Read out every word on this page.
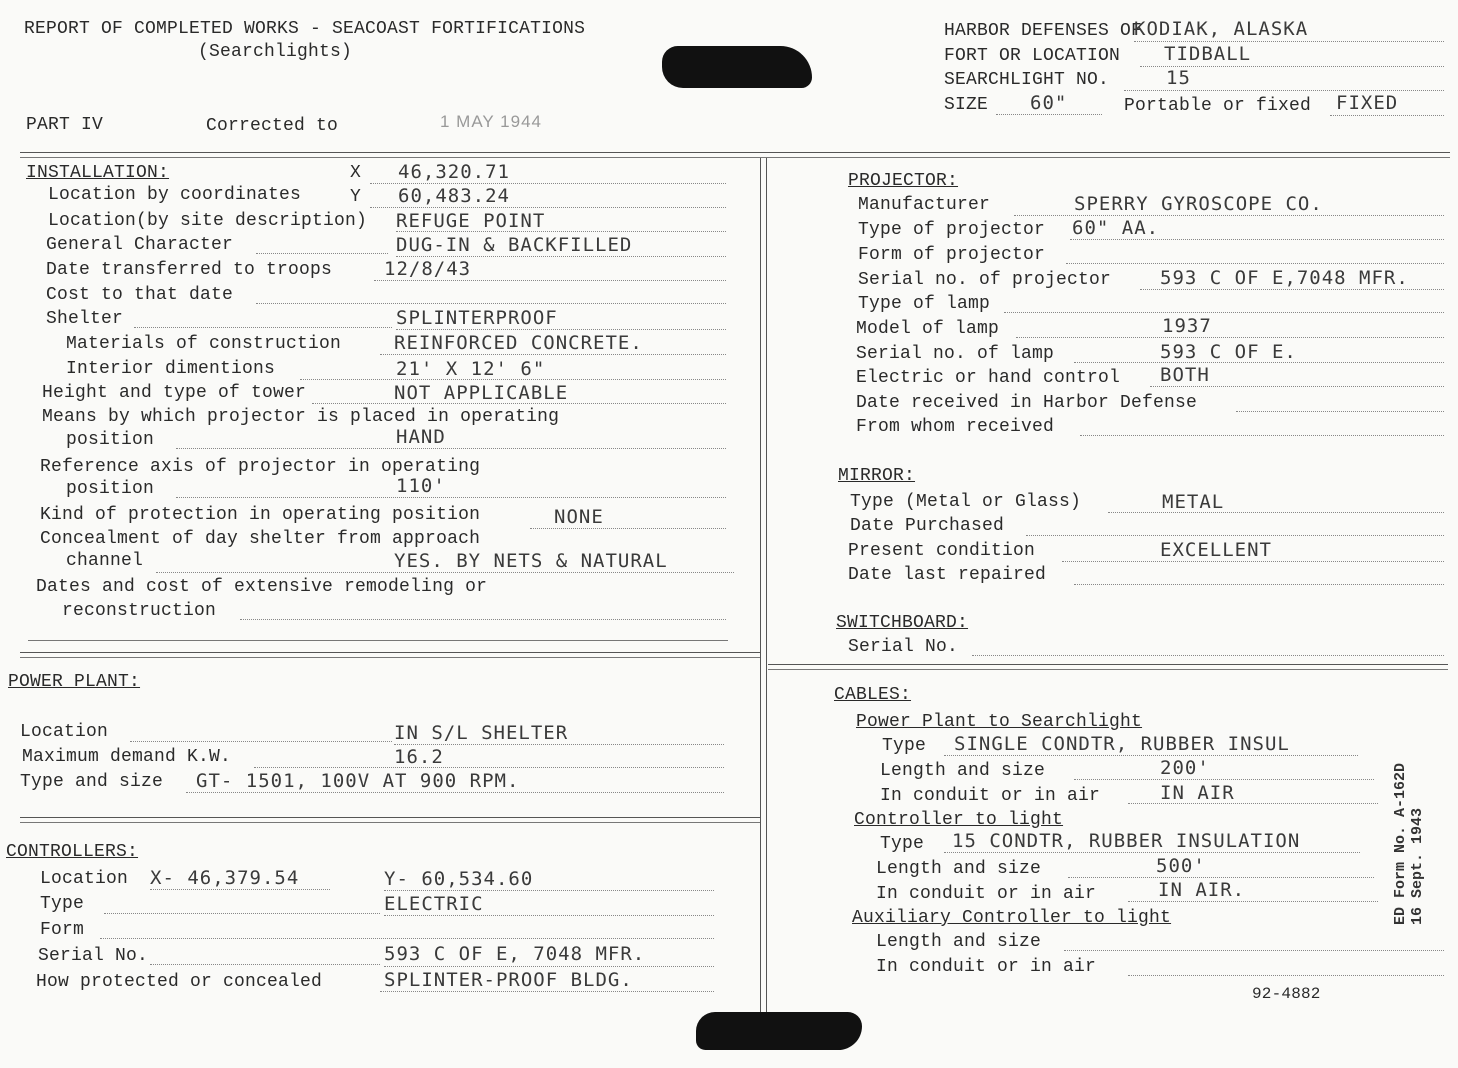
REPORT OF COMPLETED WORKS - SEACOAST FORTIFICATIONS
(Searchlights)
PART IV	Corrected to	1 MAY 1944
HARBOR DEFENSES OF
KODIAK, ALASKA
FORT OR LOCATION TIDBALL
SEARCHLIGHT NO.	15
SIZE 60"	Portable or fixed FIXED
INSTALLATION:	X 46,320.71
Location by coordinates	Y 60,483.24
Location(by site description) REFUGE POINT
General Character	DUG-IN & BACKFILLED
Date transferred to troops	12/8/43
Cost to that date
Shelter	SPLINTERPROOF
Materials of construction	REINFORCED CONCRETE.
Interior dimentions	21' X 12' 6"
Height and type of tower	NOT APPLICABLE
Means by which projector is placed in operating
position	HAND
Reference axis of projector in operating
position	110'
Kind of protection in operating position	NONE
Concealment of day shelter from approach
channel	YES. BY NETS & NATURAL
Dates and cost of extensive remodeling or
reconstruction
POWER PLANT:
Location	IN S/L SHELTER
Maximum demand K.W.	16.2
Type and size GT- 1501, 100V AT 900 RPM.
CONTROLLERS:
Location X- 46,379.54	Y- 60,534.60
Type	ELECTRIC
Form
Serial No.	593 C OF E, 7048 MFR.
How protected or concealed	SPLINTER-PROOF BLDG.
PROJECTOR:
Manufacturer	SPERRY GYROSCOPE CO.
Type of projector 60" AA.
Form of projector
Serial no. of projector	593 C OF E,7048 MFR.
Type of lamp
Model of lamp	1937
Serial no. of lamp	593 C OF E.
Electric or hand control BOTH
Date received in Harbor Defense
From whom received
MIRROR:
Type (Metal or Glass)	METAL
Date Purchased
Present condition	EXCELLENT
Date last repaired
SWITCHBOARD:
Serial No.
CABLES:
Power Plant to Searchlight
Type SINGLE CONDTR, RUBBER INSUL
Length and size	200'
In conduit or in air	IN AIR
Controller to light
Type 15 CONDTR, RUBBER INSULATION
Length and size	500'
In conduit or in air	IN AIR.
Auxiliary Controller to light
Length and size
In conduit or in air
ED Form No. A-162D 16 Sept. 1943
92-4882
